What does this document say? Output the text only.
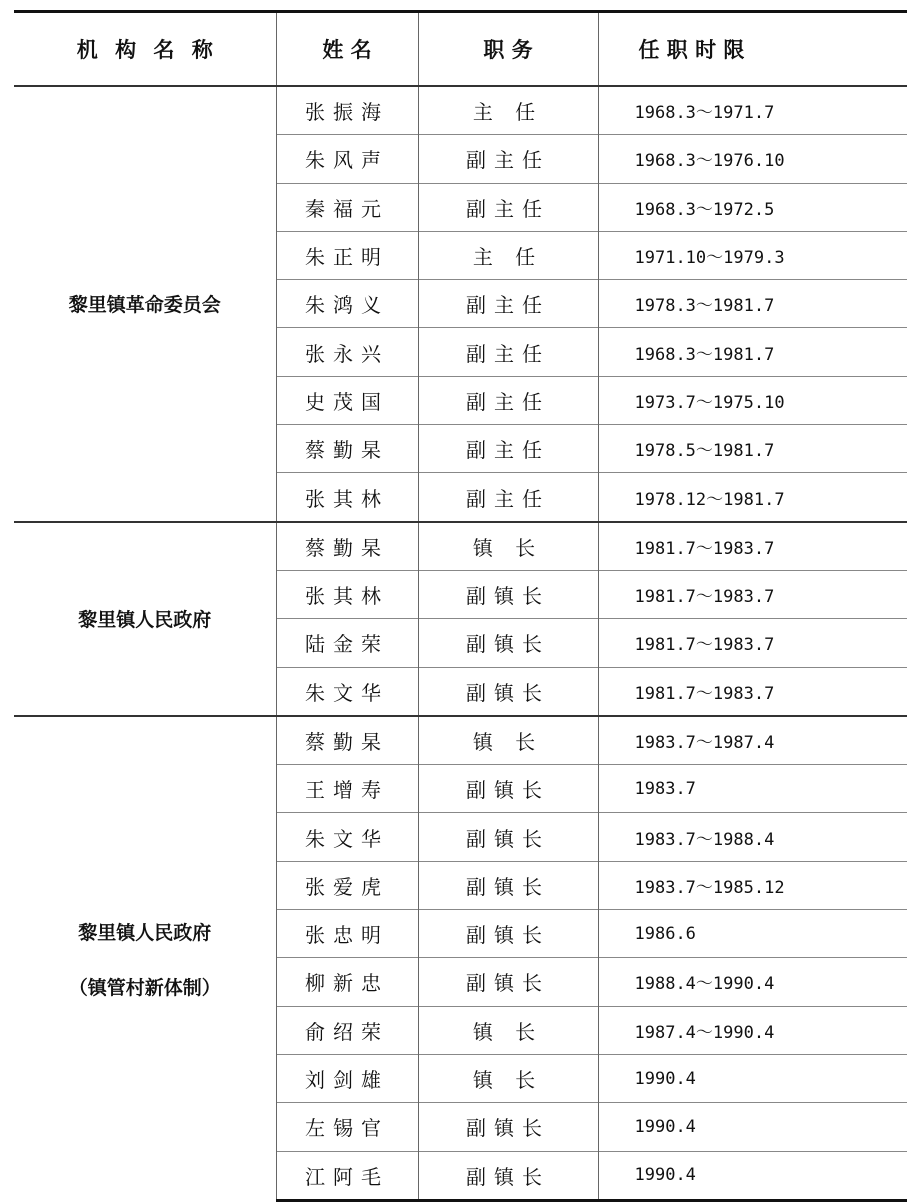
机 构 名 称	姓 名	职 务	任 职 时 限

黎里镇革命委员会	张振海	主 任	1968.3～1971.7
	朱风声	副主任	1968.3～1976.10
	秦福元	副主任	1968.3～1972.5
	朱正明	主 任	1971.10～1979.3
	朱鸿义	副主任	1978.3～1981.7
	张永兴	副主任	1968.3～1981.7
	史茂国	副主任	1973.7～1975.10
	蔡勤杲	副主任	1978.5～1981.7
	张其林	副主任	1978.12～1981.7

黎里镇人民政府	蔡勤杲	镇 长	1981.7～1983.7
	张其林	副镇长	1981.7～1983.7
	陆金荣	副镇长	1981.7～1983.7
	朱文华	副镇长	1981.7～1983.7

黎里镇人民政府
（镇管村新体制）	蔡勤杲	镇 长	1983.7～1987.4
	王增寿	副镇长	1983.7
	朱文华	副镇长	1983.7～1988.4
	张爱虎	副镇长	1983.7～1985.12
	张忠明	副镇长	1986.6
	柳新忠	副镇长	1988.4～1990.4
	俞绍荣	镇 长	1987.4～1990.4
	刘剑雄	镇 长	1990.4
	左锡官	副镇长	1990.4
	江阿毛	副镇长	1990.4
